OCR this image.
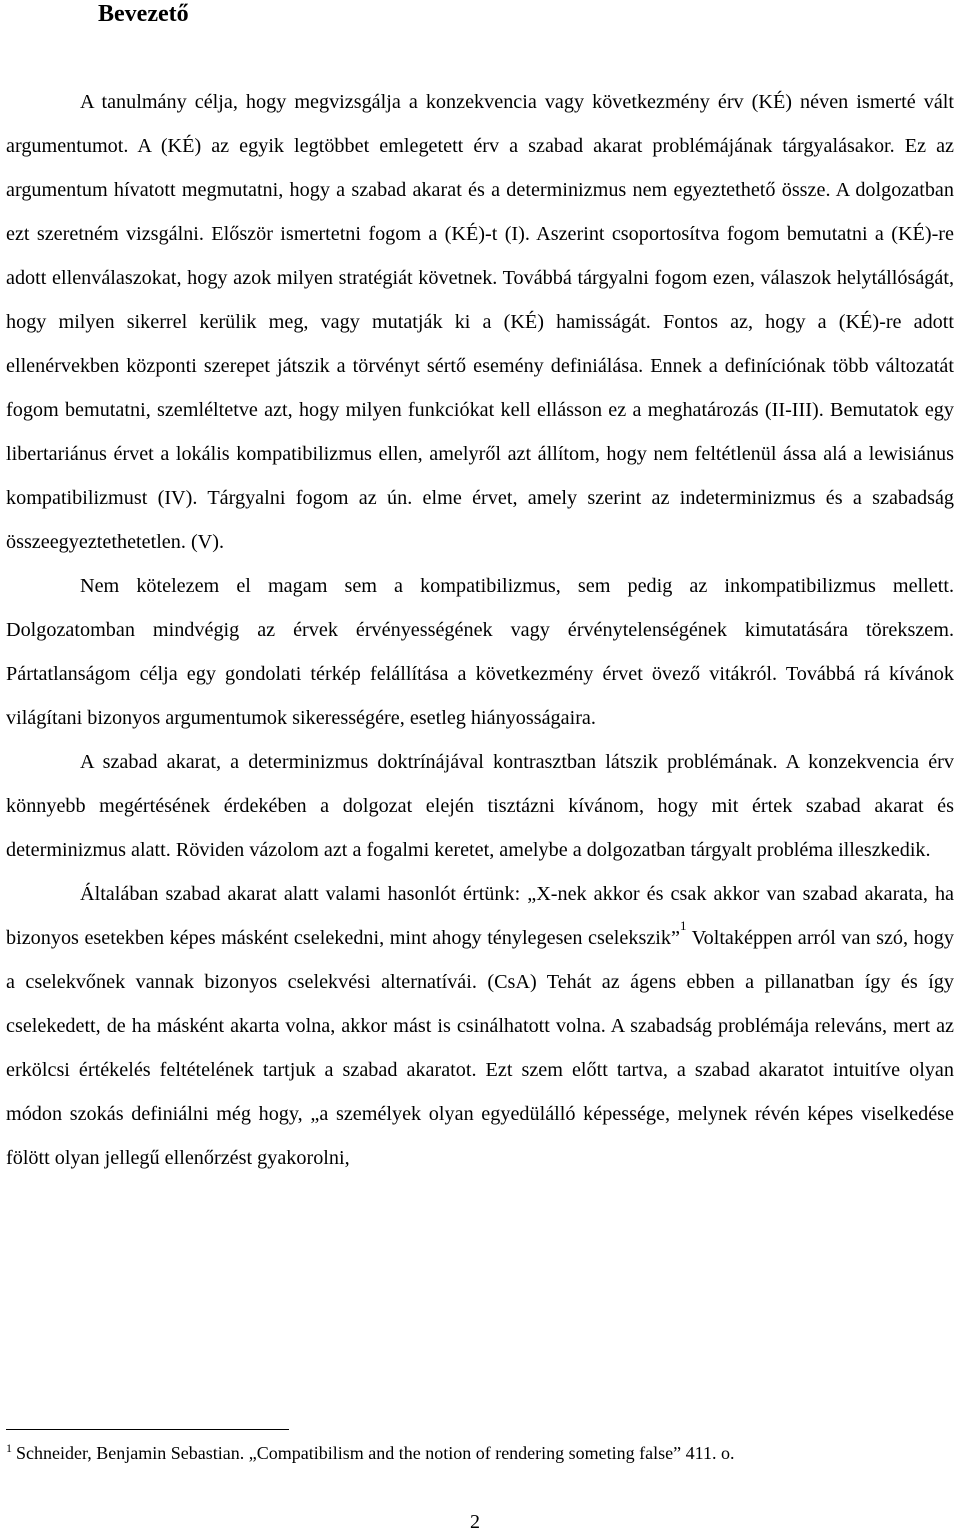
Bevezető

A tanulmány célja, hogy megvizsgálja a konzekvencia vagy következmény érv (KÉ) néven ismerté vált argumentumot. A (KÉ) az egyik legtöbbet emlegetett érv a szabad akarat problémájának tárgyalásakor. Ez az argumentum hívatott megmutatni, hogy a szabad akarat és a determinizmus nem egyeztethető össze. A dolgozatban ezt szeretném vizsgálni. Először ismertetni fogom a (KÉ)-t (I). Aszerint csoportosítva fogom bemutatni a (KÉ)-re adott ellenválaszokat, hogy azok milyen stratégiát követnek. Továbbá tárgyalni fogom ezen, válaszok helytállóságát, hogy milyen sikerrel kerülik meg, vagy mutatják ki a (KÉ) hamisságát. Fontos az, hogy a (KÉ)-re adott ellenérvekben központi szerepet játszik a törvényt sértő esemény definiálása. Ennek a definíciónak több változatát fogom bemutatni, szemléltetve azt, hogy milyen funkciókat kell ellásson ez a meghatározás (II-III). Bemutatok egy libertariánus érvet a lokális kompatibilizmus ellen, amelyről azt állítom, hogy nem feltétlenül ássa alá a lewisiánus kompatibilizmust (IV). Tárgyalni fogom az ún. elme érvet, amely szerint az indeterminizmus és a szabadság összeegyeztethetetlen. (V).

Nem kötelezem el magam sem a kompatibilizmus, sem pedig az inkompatibilizmus mellett. Dolgozatomban mindvégig az érvek érvényességének vagy érvénytelenségének kimutatására törekszem. Pártatlanságom célja egy gondolati térkép felállítása a következmény érvet övező vitákról. Továbbá rá kívánok világítani bizonyos argumentumok sikerességére, esetleg hiányosságaira.

A szabad akarat, a determinizmus doktrínájával kontrasztban látszik problémának. A konzekvencia érv könnyebb megértésének érdekében a dolgozat elején tisztázni kívánom, hogy mit értek szabad akarat és determinizmus alatt. Röviden vázolom azt a fogalmi keretet, amelybe a dolgozatban tárgyalt probléma illeszkedik.

Általában szabad akarat alatt valami hasonlót értünk: „X-nek akkor és csak akkor van szabad akarata, ha bizonyos esetekben képes másként cselekedni, mint ahogy ténylegesen cselekszik”$^1$ Voltaképpen arról van szó, hogy a cselekvőnek vannak bizonyos cselekvési alternatívái. (CsA) Tehát az ágens ebben a pillanatban így és így cselekedett, de ha másként akarta volna, akkor mást is csinálhatott volna. A szabadság problémája releváns, mert az erkölcsi értékelés feltételének tartjuk a szabad akaratot. Ezt szem előtt tartva, a szabad akaratot intuitíve olyan módon szokás definiálni még hogy, „a személyek olyan egyedülálló képessége, melynek révén képes viselkedése fölött olyan jellegű ellenőrzést gyakorolni,

$^1$ Schneider, Benjamin Sebastian. „Compatibilism and the notion of rendering someting false” 411. o.

2
